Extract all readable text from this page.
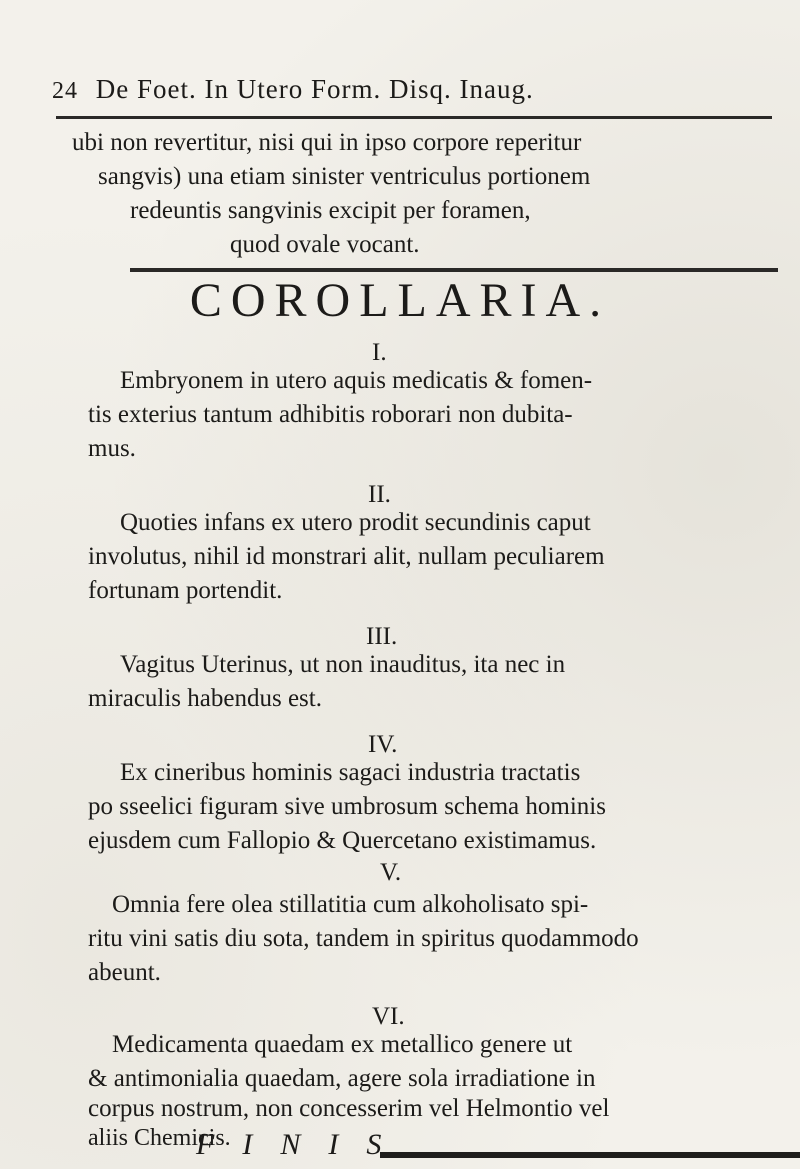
24 De Foet. In Utero Form. Disq. Inaug.
ubi non revertitur, nisi qui in ipso corpore reperitur
sangvis) una etiam sinister ventriculus portionem
redeuntis sangvinis excipit per foramen,
quod ovale vocant.
COROLLARIA.
I.
Embryonem in utero aquis medicatis & fomen-
tis exterius tantum adhibitis roborari non dubita-
mus.
II.
Quoties infans ex utero prodit secundinis caput
involutus, nihil id monstrari alit, nullam peculiarem
fortunam portendit.
III.
Vagitus Uterinus, ut non inauditus, ita nec in
miraculis habendus est.
IV.
Ex cineribus hominis sagaci industria tractatis
po sseelici figuram sive umbrosum schema hominis
ejusdem cum Fallopio & Quercetano existimamus.
V.
Omnia fere olea stillatitia cum alkoholisato spi-
ritu vini satis diu sota, tandem in spiritus quodammodo
abeunt.
VI.
Medicamenta quaedam ex metallico genere ut
& antimonialia quaedam, agere sola irradiatione in
corpus nostrum, non concesserim vel Helmontio vel
aliis Chemicis.
FINIS
